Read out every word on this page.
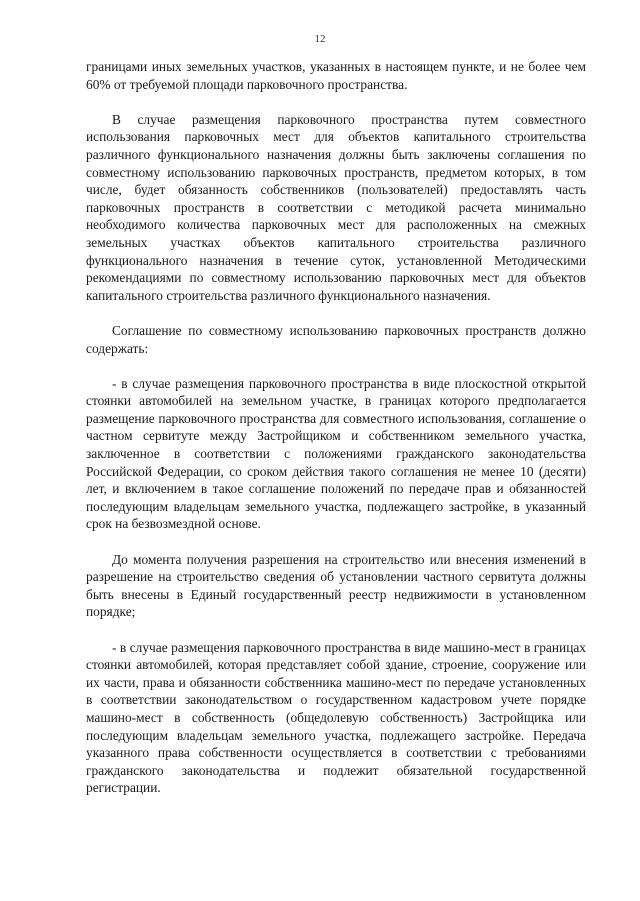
12

границами иных земельных участков, указанных в настоящем пункте, и не более чем 60% от требуемой площади парковочного пространства.

В случае размещения парковочного пространства путем совместного использования парковочных мест для объектов капитального строительства различного функционального назначения должны быть заключены соглашения по совместному использованию парковочных пространств, предметом которых, в том числе, будет обязанность собственников (пользователей) предоставлять часть парковочных пространств в соответствии с методикой расчета минимально необходимого количества парковочных мест для расположенных на смежных земельных участках объектов капитального строительства различного функционального назначения в течение суток, установленной Методическими рекомендациями по совместному использованию парковочных мест для объектов капитального строительства различного функционального назначения.

Соглашение по совместному использованию парковочных пространств должно содержать:

- в случае размещения парковочного пространства в виде плоскостной открытой стоянки автомобилей на земельном участке, в границах которого предполагается размещение парковочного пространства для совместного использования, соглашение о частном сервитуте между Застройщиком и собственником земельного участка, заключенное в соответствии с положениями гражданского законодательства Российской Федерации, со сроком действия такого соглашения не менее 10 (десяти) лет, и включением в такое соглашение положений по передаче прав и обязанностей последующим владельцам земельного участка, подлежащего застройке, в указанный срок на безвозмездной основе.

До момента получения разрешения на строительство или внесения изменений в разрешение на строительство сведения об установлении частного сервитута должны быть внесены в Единый государственный реестр недвижимости в установленном порядке;

- в случае размещения парковочного пространства в виде машино-мест в границах стоянки автомобилей, которая представляет собой здание, строение, сооружение или их части, права и обязанности собственника машино-мест по передаче установленных в соответствии законодательством о государственном кадастровом учете порядке машино-мест в собственность (общедолевую собственность) Застройщика или последующим владельцам земельного участка, подлежащего застройке. Передача указанного права собственности осуществляется в соответствии с требованиями гражданского законодательства и подлежит обязательной государственной регистрации.
